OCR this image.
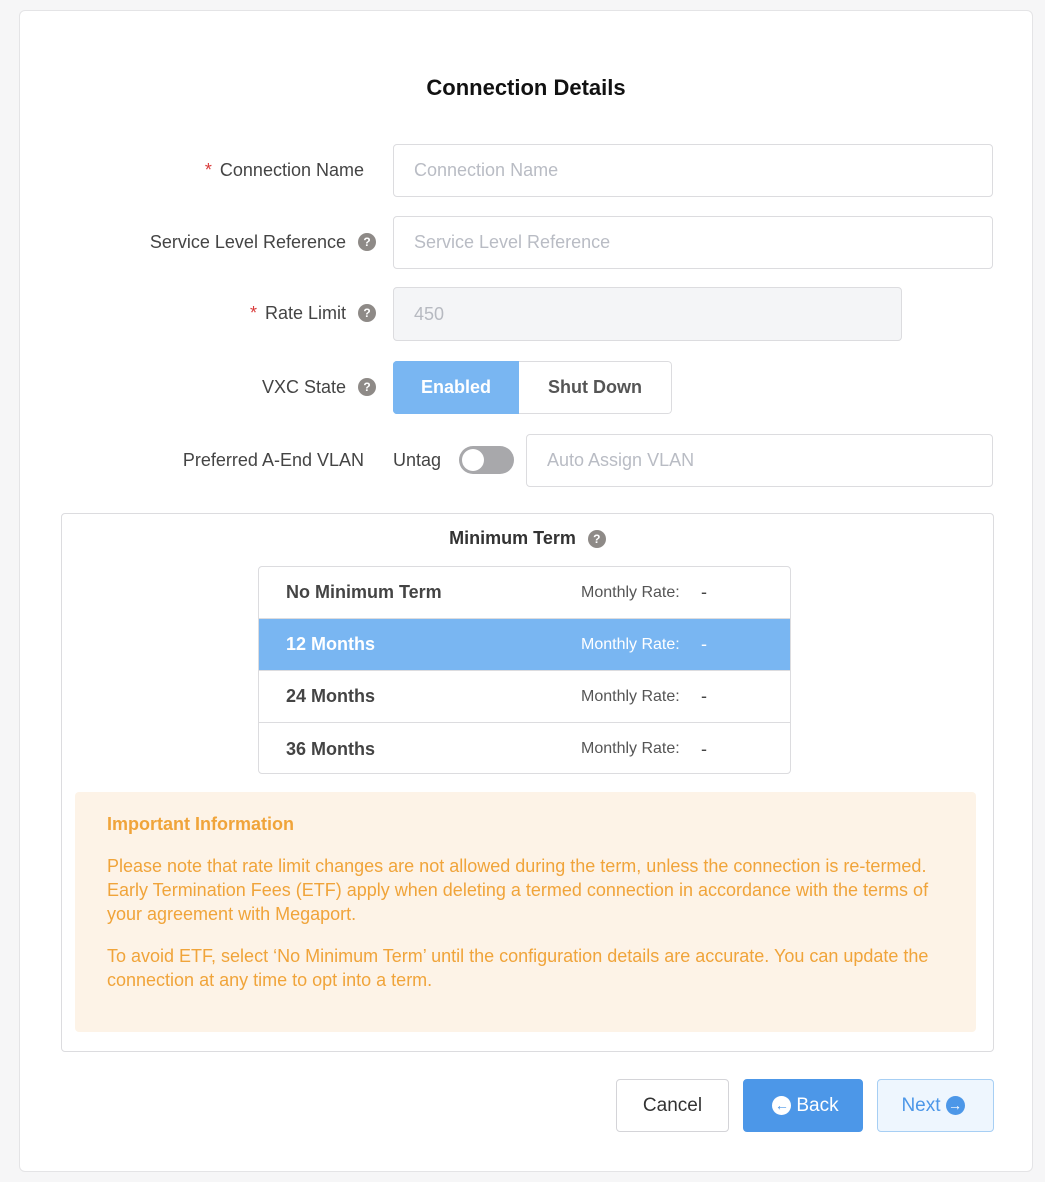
Connection Details
* Connection Name
Connection Name
Service Level Reference	?
Service Level Reference
* Rate Limit	?
450
VXC State	?	Enabled	Shut Down
Preferred A-End VLAN Untag
Auto Assign VLAN
Minimum Term	?
No Minimum Term	Monthly Rate:	-
12 Months	Monthly Rate:	-
24 Months	Monthly Rate:	-
36 Months	Monthly Rate:	-
Important Information

Please note that rate limit changes are not allowed during the term, unless the connection is re-termed. Early Termination Fees (ETF) apply when deleting a termed connection in accordance with the terms of your agreement with Megaport.

To avoid ETF, select ‘No Minimum Term’ until the configuration details are accurate. You can update the connection at any time to opt into a term.

Cancel	← Back	Next →
